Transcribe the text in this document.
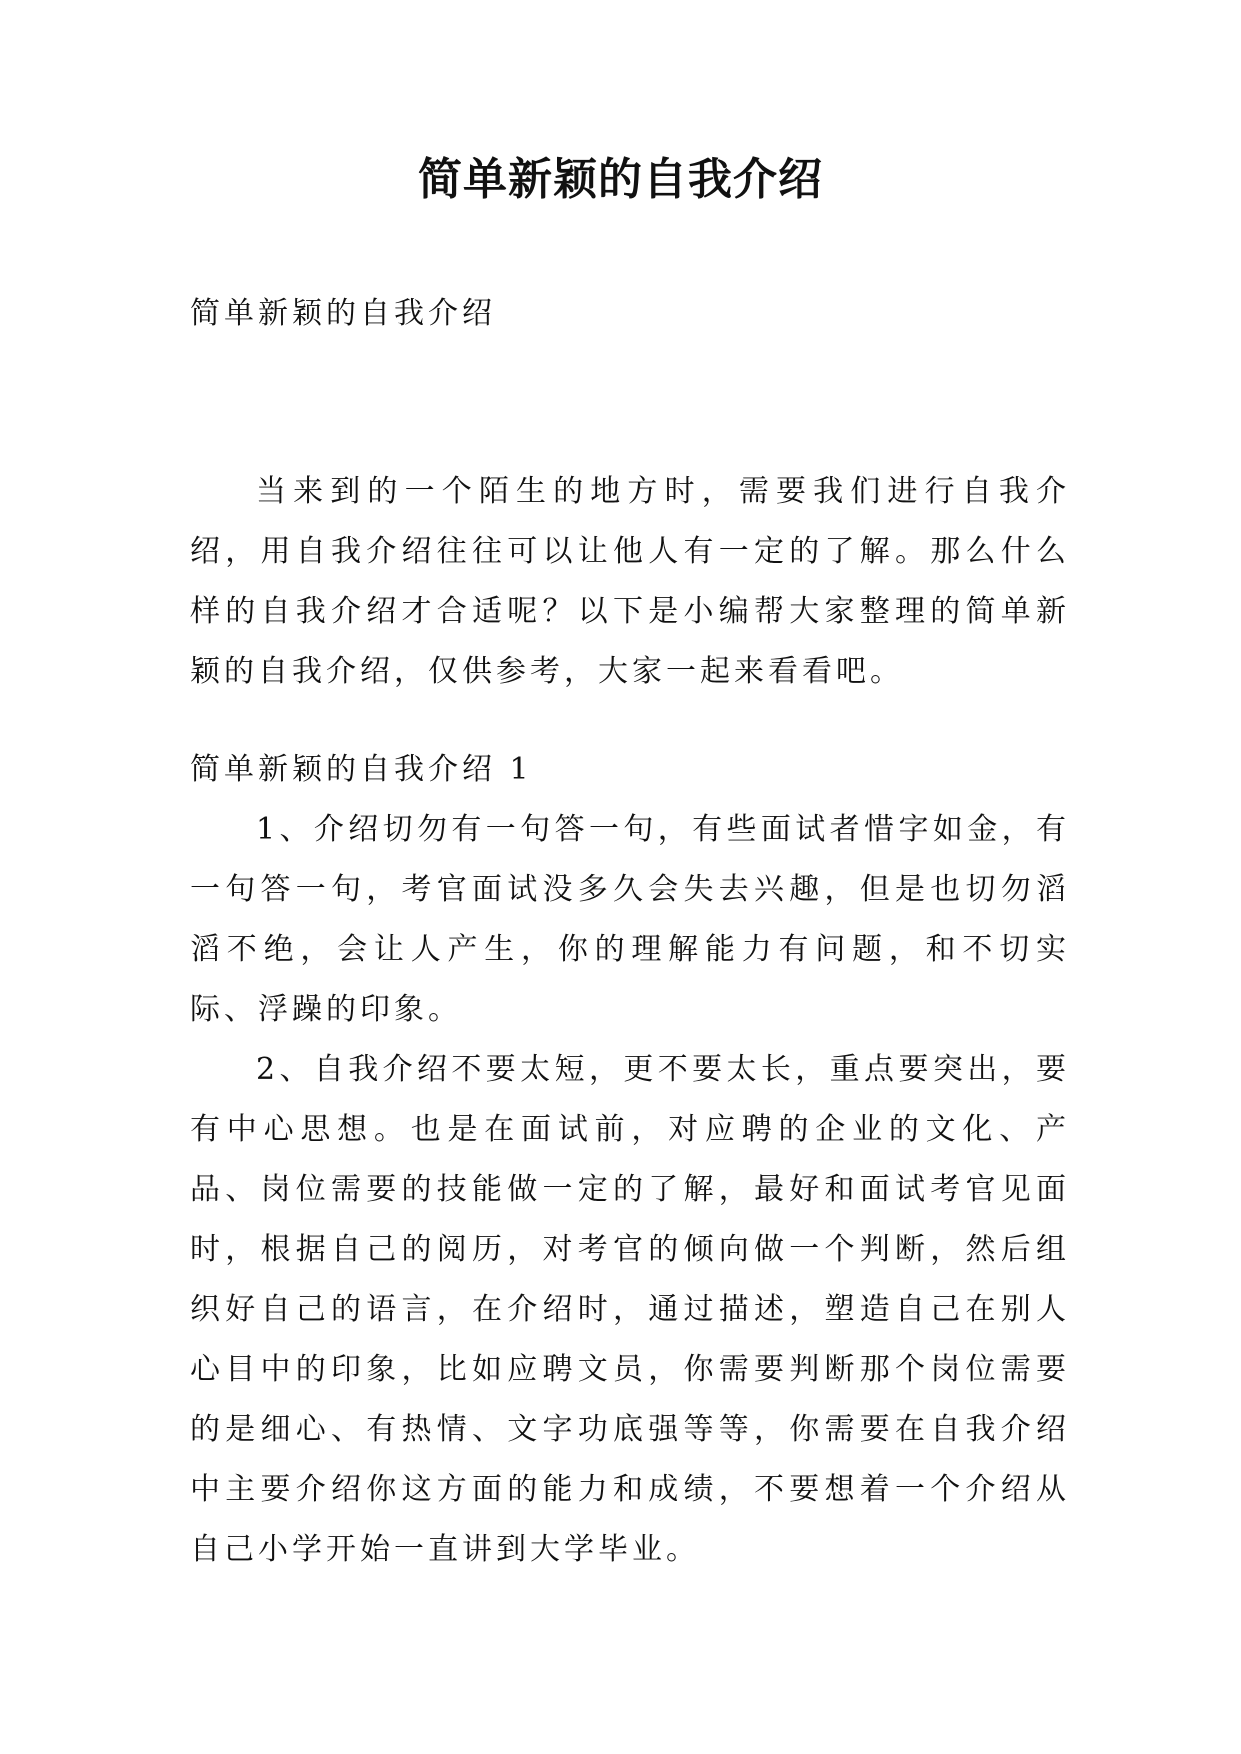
简单新颖的自我介绍
简单新颖的自我介绍
当来到的一个陌生的地方时，需要我们进行自我介绍，用自我介绍往往可以让他人有一定的了解。那么什么样的自我介绍才合适呢？以下是小编帮大家整理的简单新颖的自我介绍，仅供参考，大家一起来看看吧。
简单新颖的自我介绍 1
1、介绍切勿有一句答一句，有些面试者惜字如金，有一句答一句，考官面试没多久会失去兴趣，但是也切勿滔滔不绝，会让人产生，你的理解能力有问题，和不切实际、浮躁的印象。
2、自我介绍不要太短，更不要太长，重点要突出，要有中心思想。也是在面试前，对应聘的企业的文化、产品、岗位需要的技能做一定的了解，最好和面试考官见面时，根据自己的阅历，对考官的倾向做一个判断，然后组织好自己的语言，在介绍时，通过描述，塑造自己在别人心目中的印象，比如应聘文员，你需要判断那个岗位需要的是细心、有热情、文字功底强等等，你需要在自我介绍中主要介绍你这方面的能力和成绩，不要想着一个介绍从自己小学开始一直讲到大学毕业。
